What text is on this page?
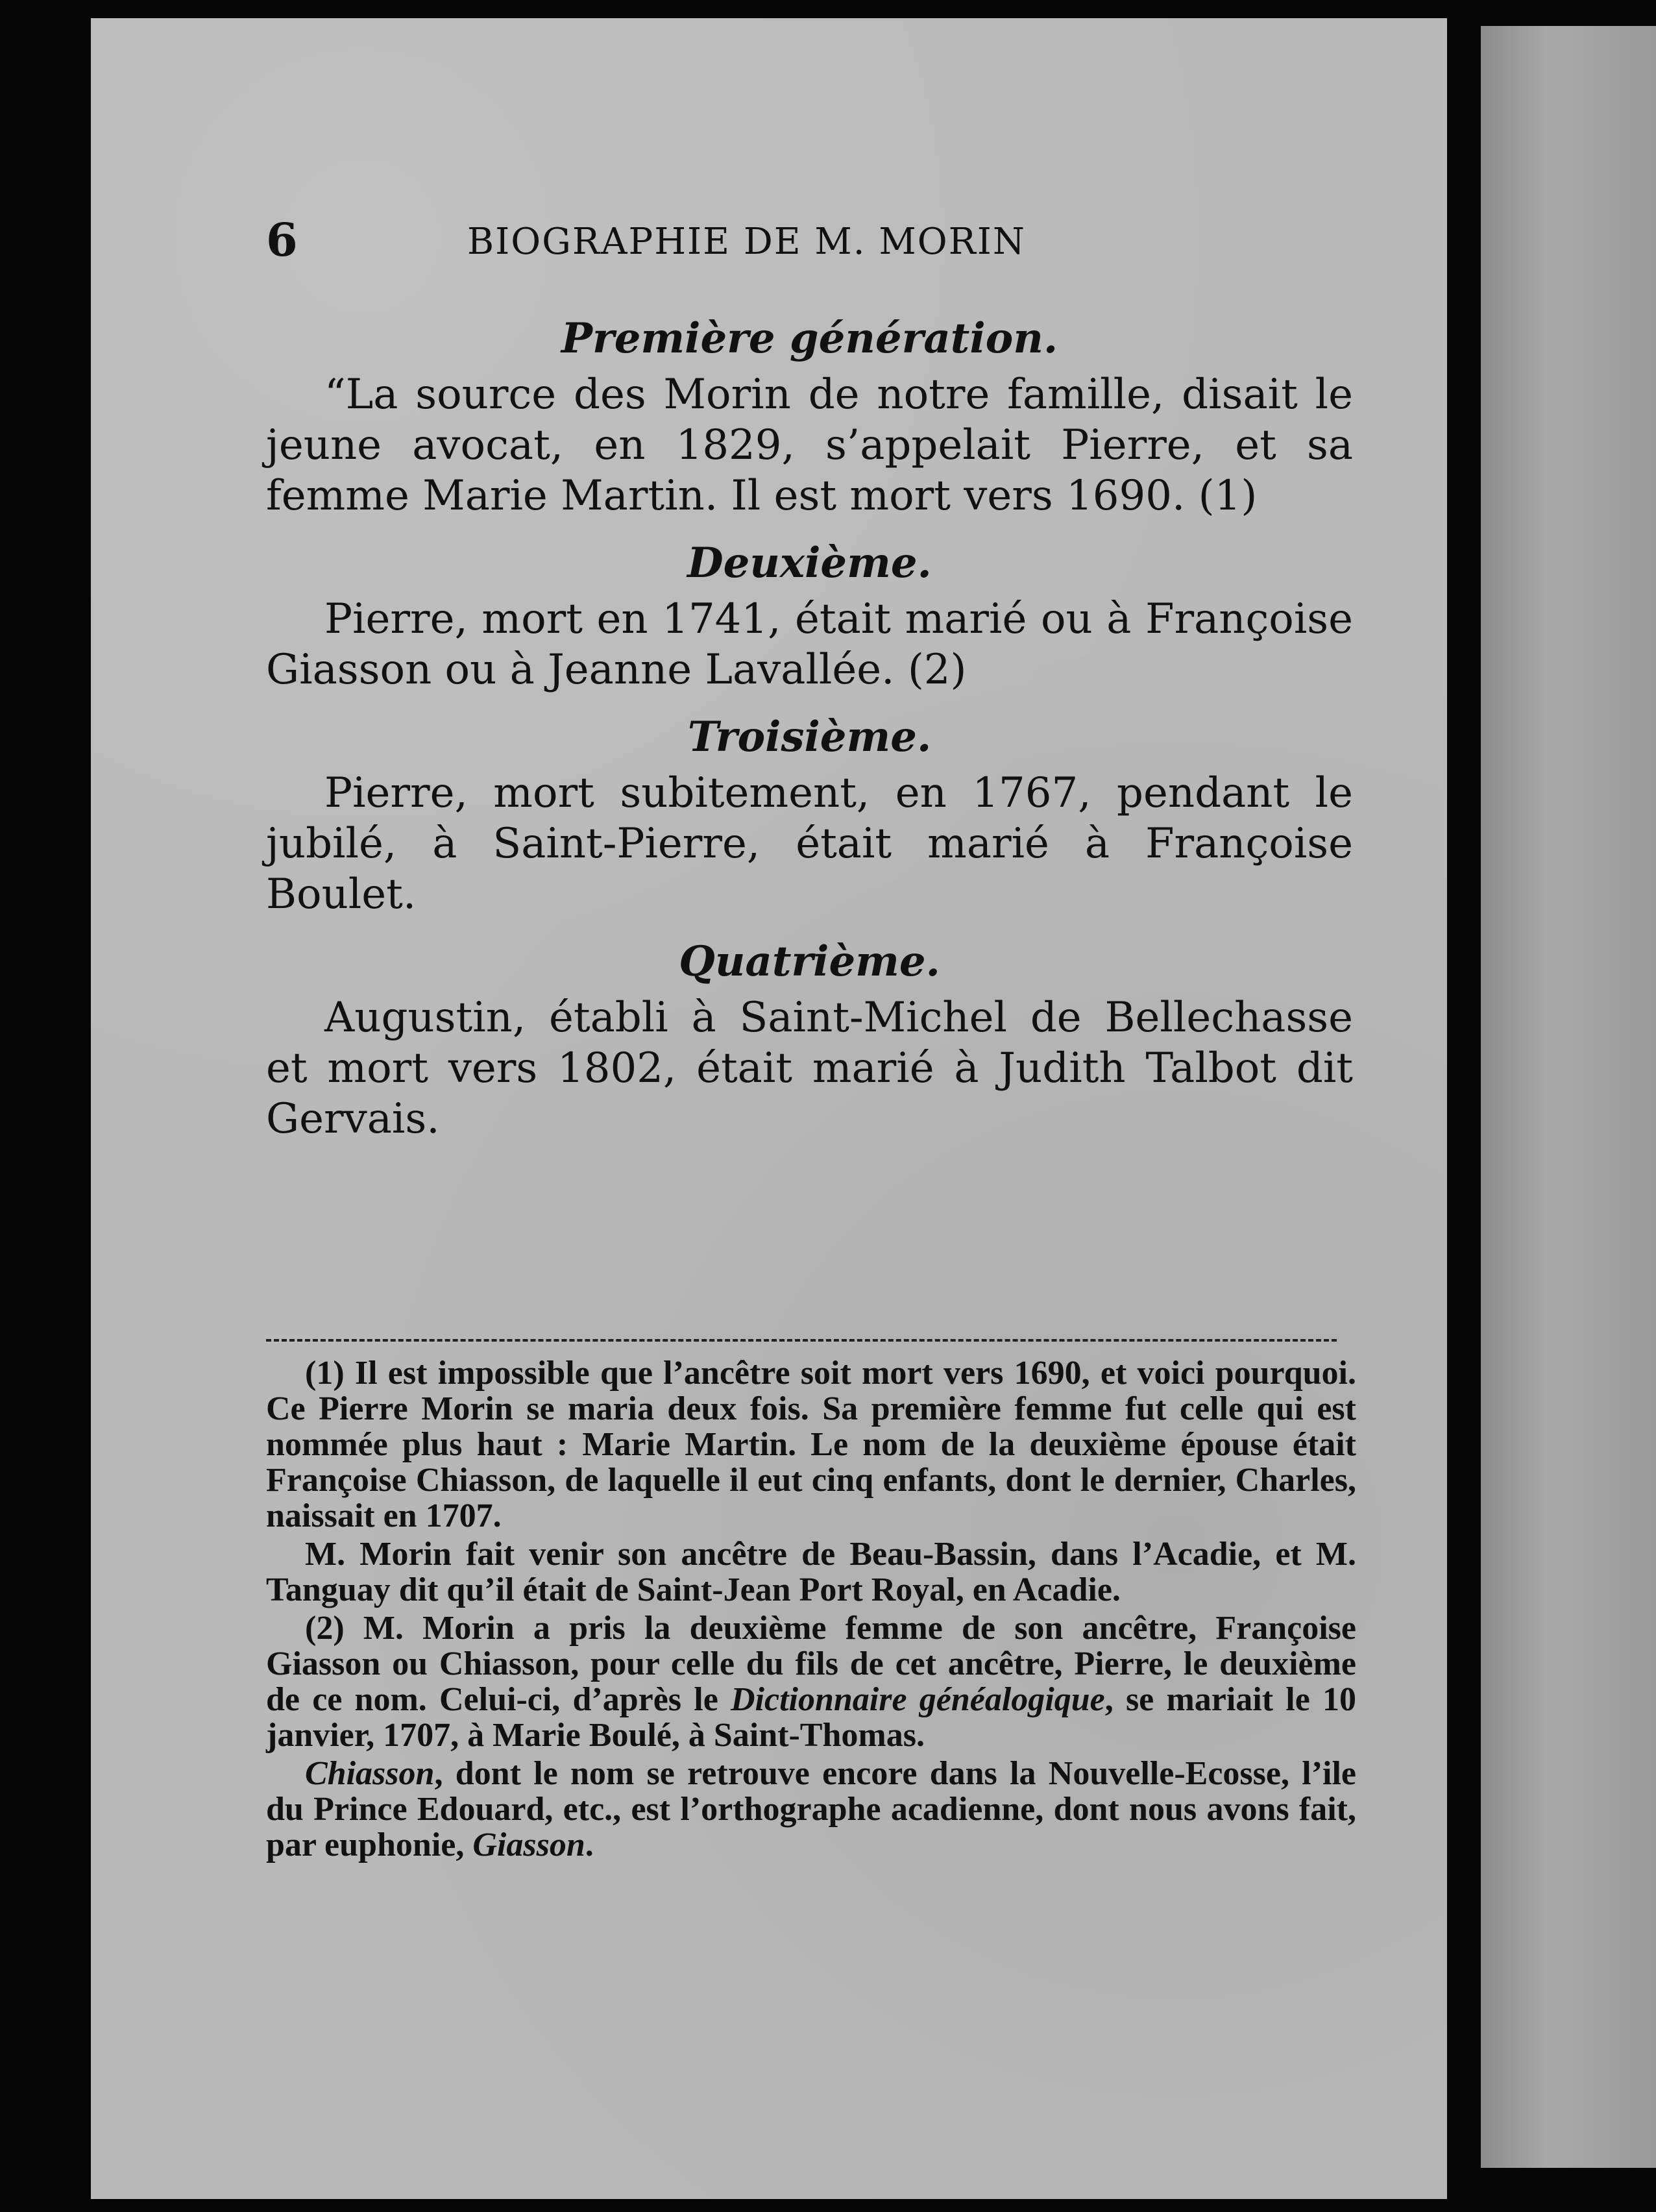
6	BIOGRAPHIE DE M. MORIN
Première génération.

“La source des Morin de notre famille, disait le jeune avocat, en 1829, s’appelait Pierre, et sa femme Marie Martin. Il est mort vers 1690. (1)

Deuxième.

Pierre, mort en 1741, était marié ou à Françoise Giasson ou à Jeanne Lavallée. (2)

Troisième.

Pierre, mort subitement, en 1767, pendant le jubilé, à Saint-Pierre, était marié à Françoise Boulet.

Quatrième.

Augustin, établi à Saint-Michel de Bellechasse et mort vers 1802, était marié à Judith Talbot dit Gervais.

(1) Il est impossible que l’ancêtre soit mort vers 1690, et voici pourquoi. Ce Pierre Morin se maria deux fois. Sa première femme fut celle qui est nommée plus haut : Marie Martin. Le nom de la deuxième épouse était Françoise Chiasson, de laquelle il eut cinq enfants, dont le dernier, Charles, naissait en 1707.

M. Morin fait venir son ancêtre de Beau-Bassin, dans l’Acadie, et M. Tanguay dit qu’il était de Saint-Jean Port Royal, en Acadie.

(2) M. Morin a pris la deuxième femme de son ancêtre, Françoise Giasson ou Chiasson, pour celle du fils de cet ancêtre, Pierre, le deuxième de ce nom. Celui-ci, d’après le Dictionnaire généalogique, se mariait le 10 janvier, 1707, à Marie Boulé, à Saint-Thomas.

Chiasson, dont le nom se retrouve encore dans la Nouvelle-Ecosse, l’ile du Prince Edouard, etc., est l’orthographe acadienne, dont nous avons fait, par euphonie, Giasson.
